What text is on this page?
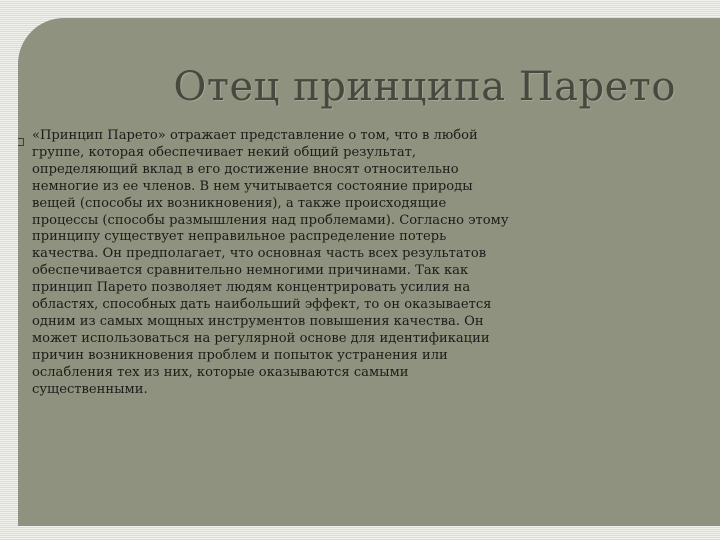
Отец принципа Парето

«Принцип Парето» отражает представление о том, что в любой группе, которая обеспечивает некий общий результат, определяющий вклад в его достижение вносят относительно немногие из ее членов. В нем учитывается состояние природы вещей (способы их возникновения), а также происходящие процессы (способы размышления над проблемами). Согласно этому принципу существует неправильное распределение потерь качества. Он предполагает, что основная часть всех результатов обеспечивается сравнительно немногими причинами. Так как принцип Парето позволяет людям концентрировать усилия на областях, способных дать наибольший эффект, то он оказывается одним из самых мощных инструментов повышения качества. Он может использоваться на регулярной основе для идентификации причин возникновения проблем и попыток устранения или ослабления тех из них, которые оказываются самыми существенными.
